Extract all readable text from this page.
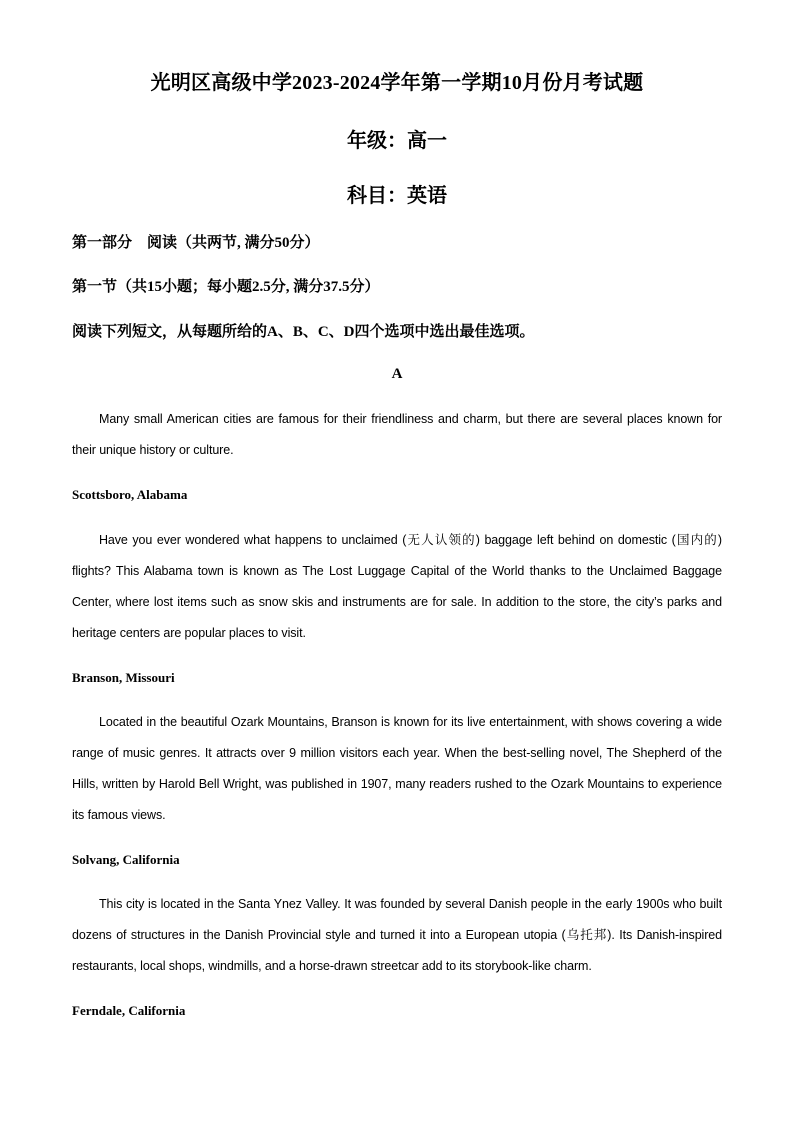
光明区高级中学2023-2024学年第一学期10月份月考试题
年级：高一
科目：英语
第一部分　阅读（共两节, 满分50分）
第一节（共15小题；每小题2.5分, 满分37.5分）
阅读下列短文，从每题所给的A、B、C、D四个选项中选出最佳选项。
A
Many small American cities are famous for their friendliness and charm, but there are several places known for their unique history or culture.
Scottsboro, Alabama
Have you ever wondered what happens to unclaimed (无人认领的) baggage left behind on domestic (国内的) flights? This Alabama town is known as The Lost Luggage Capital of the World thanks to the Unclaimed Baggage Center, where lost items such as snow skis and instruments are for sale. In addition to the store, the city’s parks and heritage centers are popular places to visit.
Branson, Missouri
Located in the beautiful Ozark Mountains, Branson is known for its live entertainment, with shows covering a wide range of music genres. It attracts over 9 million visitors each year. When the best-selling novel, The Shepherd of the Hills, written by Harold Bell Wright, was published in 1907, many readers rushed to the Ozark Mountains to experience its famous views.
Solvang, California
This city is located in the Santa Ynez Valley. It was founded by several Danish people in the early 1900s who built dozens of structures in the Danish Provincial style and turned it into a European utopia (乌托邦). Its Danish-inspired restaurants, local shops, windmills, and a horse-drawn streetcar add to its storybook-like charm.
Ferndale, California
